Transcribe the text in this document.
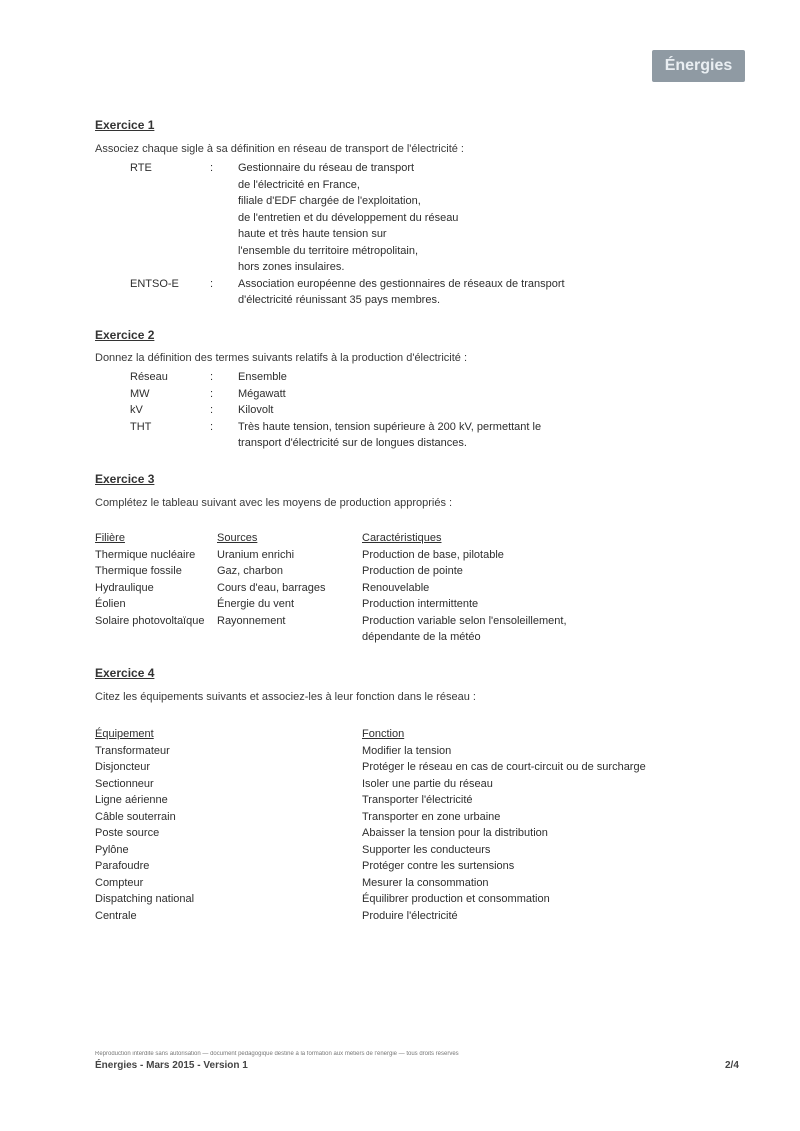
Énergies
Exercice 1
Associez chaque sigle à sa définition en réseau de transport de l'électricité :
RTE	:	Gestionnaire du réseau de transport
de l'électricité en France,
filiale d'EDF chargée de l'exploitation,
de l'entretien et du développement du réseau
haute et très haute tension sur
l'ensemble du territoire métropolitain,
hors zones insulaires.
ENTSO-E	:	Association européenne des gestionnaires de réseaux de transport
d'électricité réunissant 35 pays membres.
Exercice 2
Donnez la définition des termes suivants relatifs à la production d'électricité :
Réseau	:	Ensemble
MW	:	Mégawatt
kV	:	Kilovolt
THT	:	Très haute tension, tension supérieure à 200 kV, permettant le
transport d'électricité sur de longues distances.
Exercice 3
Complétez le tableau suivant avec les moyens de production appropriés :
Filière	Sources	Caractéristiques
Thermique nucléaire	Uranium enrichi	Production de base, pilotable
Thermique fossile	Gaz, charbon	Production de pointe
Hydraulique	Cours d'eau, barrages	Renouvelable
Éolien	Énergie du vent	Production intermittente
Solaire photovoltaïque	Rayonnement	Production variable selon l'ensoleillement,
		dépendante de la météo
Exercice 4
Citez les équipements suivants et associez-les à leur fonction dans le réseau :
Équipement	Fonction
Transformateur	Modifier la tension
Disjoncteur	Protéger le réseau en cas de court-circuit ou de surcharge
Sectionneur	Isoler une partie du réseau
Ligne aérienne	Transporter l'électricité
Câble souterrain	Transporter en zone urbaine
Poste source	Abaisser la tension pour la distribution
Pylône	Supporter les conducteurs
Parafoudre	Protéger contre les surtensions
Compteur	Mesurer la consommation
Dispatching national	Équilibrer production et consommation
Centrale	Produire l'électricité
Reproduction interdite sans autorisation — document pédagogique destiné à la formation aux métiers de l'énergie — tous droits réservés
Énergies - Mars 2015 - Version 1	2/4
